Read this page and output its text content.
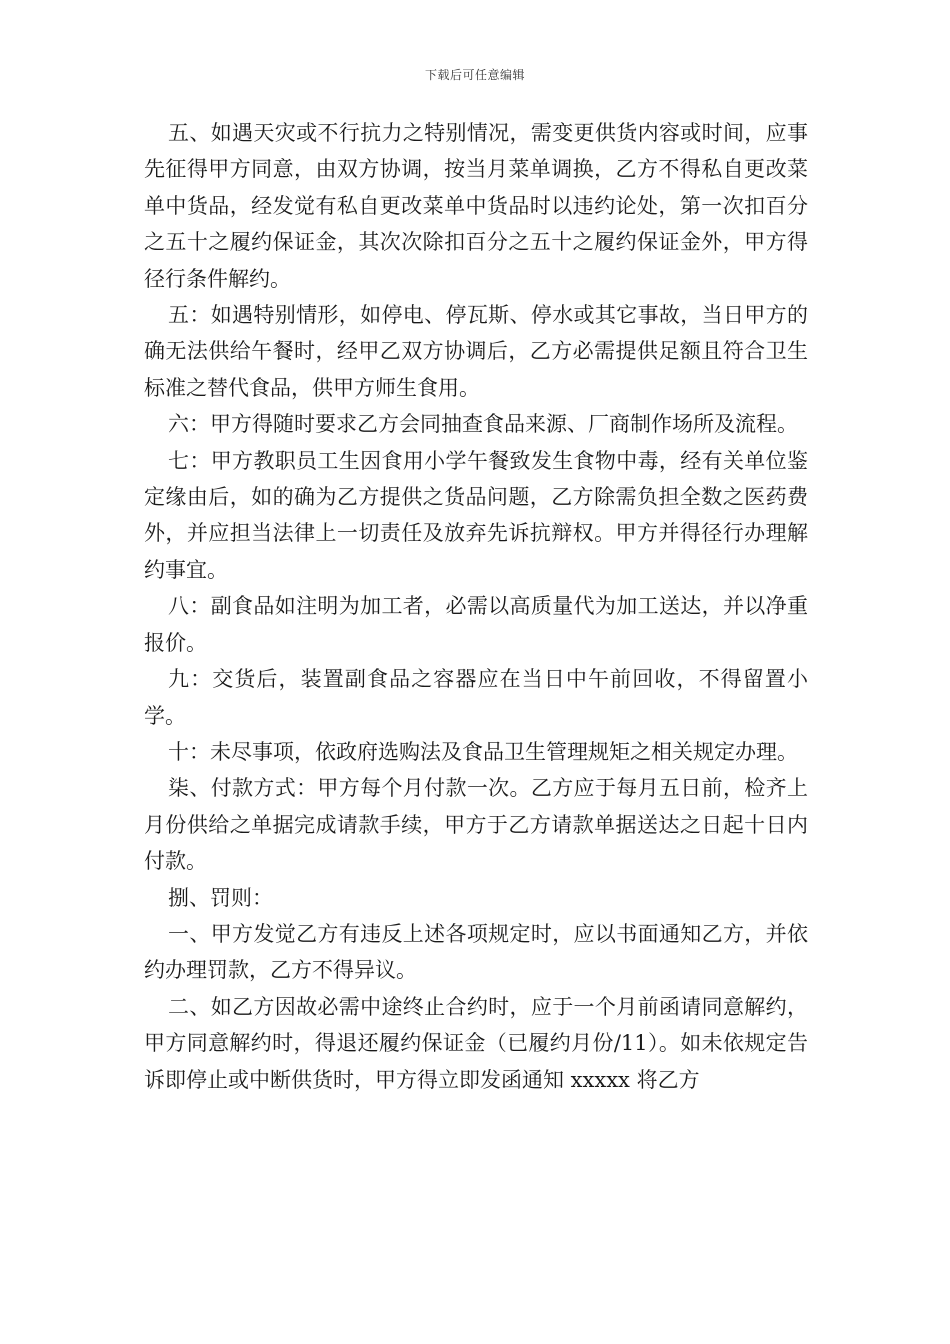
下载后可任意编辑

五、如遇天灾或不行抗力之特别情况，需变更供货内容或时间，应事先征得甲方同意，由双方协调，按当月菜单调换，乙方不得私自更改菜单中货品，经发觉有私自更改菜单中货品时以违约论处，第一次扣百分之五十之履约保证金，其次次除扣百分之五十之履约保证金外，甲方得径行条件解约。

五：如遇特别情形，如停电、停瓦斯、停水或其它事故，当日甲方的确无法供给午餐时，经甲乙双方协调后，乙方必需提供足额且符合卫生标准之替代食品，供甲方师生食用。

六：甲方得随时要求乙方会同抽查食品来源、厂商制作场所及流程。

七：甲方教职员工生因食用小学午餐致发生食物中毒，经有关单位鉴定缘由后，如的确为乙方提供之货品问题，乙方除需负担全数之医药费外，并应担当法律上一切责任及放弃先诉抗辩权。甲方并得径行办理解约事宜。

八：副食品如注明为加工者，必需以高质量代为加工送达，并以净重报价。

九：交货后，装置副食品之容器应在当日中午前回收，不得留置小学。

十：未尽事项，依政府选购法及食品卫生管理规矩之相关规定办理。

柒、付款方式：甲方每个月付款一次。乙方应于每月五日前，检齐上月份供给之单据完成请款手续，甲方于乙方请款单据送达之日起十日内付款。

捌、罚则：

一、甲方发觉乙方有违反上述各项规定时，应以书面通知乙方，并依约办理罚款，乙方不得异议。

二、如乙方因故必需中途终止合约时，应于一个月前函请同意解约，甲方同意解约时，得退还履约保证金（已履约月份/11）。如未依规定告诉即停止或中断供货时，甲方得立即发函通知 xxxxx 将乙方
